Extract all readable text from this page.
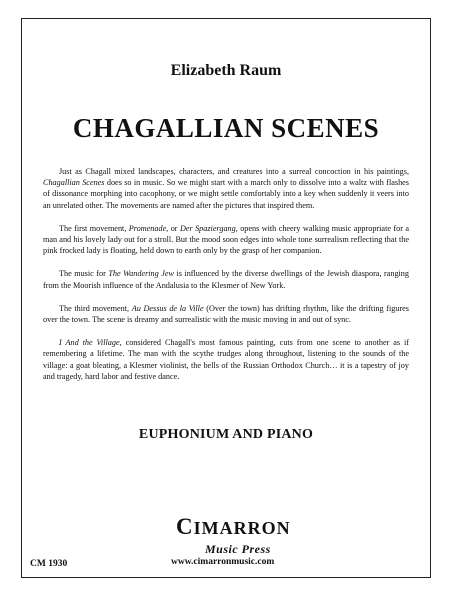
Elizabeth Raum
CHAGALLIAN SCENES

Just as Chagall mixed landscapes, characters, and creatures into a surreal concoction in his paintings, Chagallian Scenes does so in music. So we might start with a march only to dissolve into a waltz with flashes of dissonance morphing into cacophony, or we might settle comfortably into a key when suddenly it veers into an unrelated other. The movements are named after the pictures that inspired them.

The first movement, Promenade, or Der Spaziergang, opens with cheery walking music appropriate for a man and his lovely lady out for a stroll. But the mood soon edges into whole tone surrealism reflecting that the pink frocked lady is floating, held down to earth only by the grasp of her companion.

The music for The Wandering Jew is influenced by the diverse dwellings of the Jewish diaspora, ranging from the Moorish influence of the Andalusia to the Klesmer of New York.

The third movement, Au Dessus de la Ville (Over the town) has drifting rhythm, like the drifting figures over the town. The scene is dreamy and surrealistic with the music moving in and out of sync.

I And the Village, considered Chagall's most famous painting, cuts from one scene to another as if remembering a lifetime. The man with the scythe trudges along throughout, listening to the sounds of the village: a goat bleating, a Klesmer violinist, the bells of the Russian Orthodox Church… it is a tapestry of joy and tragedy, hard labor and festive dance.

EUPHONIUM AND PIANO
CIMARRON
Music Press
www.cimarronmusic.com
CM 1930
